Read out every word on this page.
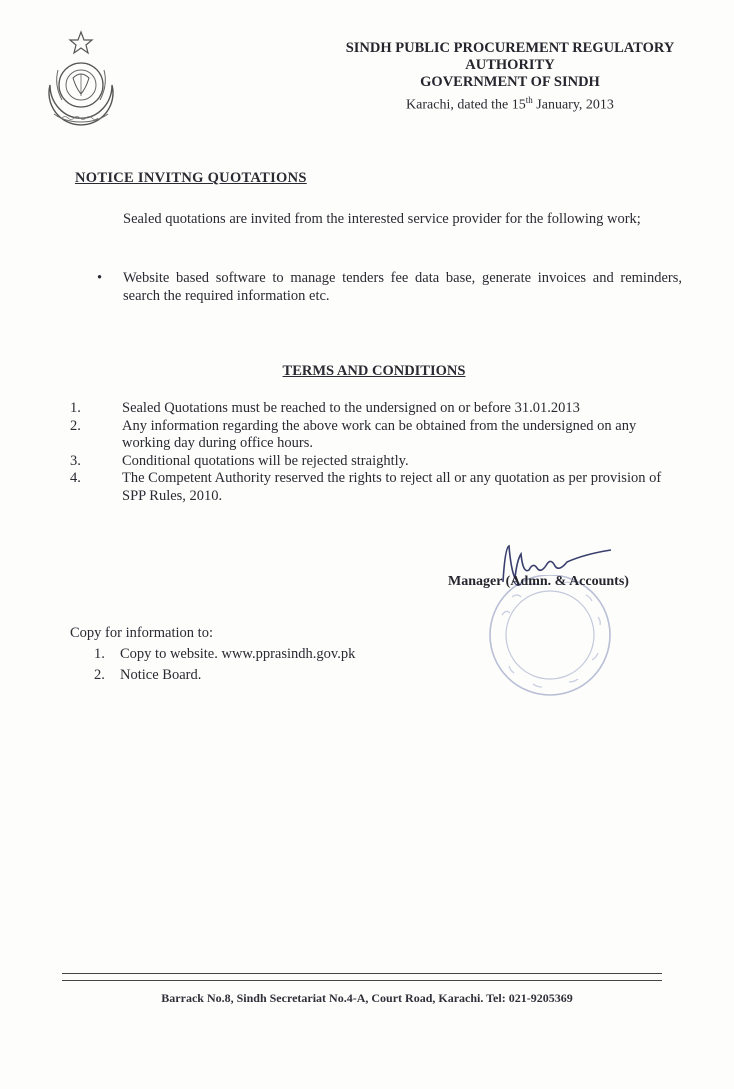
SINDH PUBLIC PROCUREMENT REGULATORY
AUTHORITY
GOVERNMENT OF SINDH
Karachi, dated the 15th January, 2013
NOTICE INVITNG QUOTATIONS
Sealed quotations are invited from the interested service provider for the following work;
• Website based software to manage tenders fee data base, generate invoices and reminders, search the required information etc.
TERMS AND CONDITIONS
1.	Sealed Quotations must be reached to the undersigned on or before 31.01.2013
2.	Any information regarding the above work can be obtained from the undersigned on any working day during office hours.
3.	Conditional quotations will be rejected straightly.
4.	The Competent Authority reserved the rights to reject all or any quotation as per provision of SPP Rules, 2010.
Manager (Admn. & Accounts)
Copy for information to:
1. Copy to website. www.pprasindh.gov.pk
2. Notice Board.
Barrack No.8, Sindh Secretariat No.4-A, Court Road, Karachi. Tel: 021-9205369
